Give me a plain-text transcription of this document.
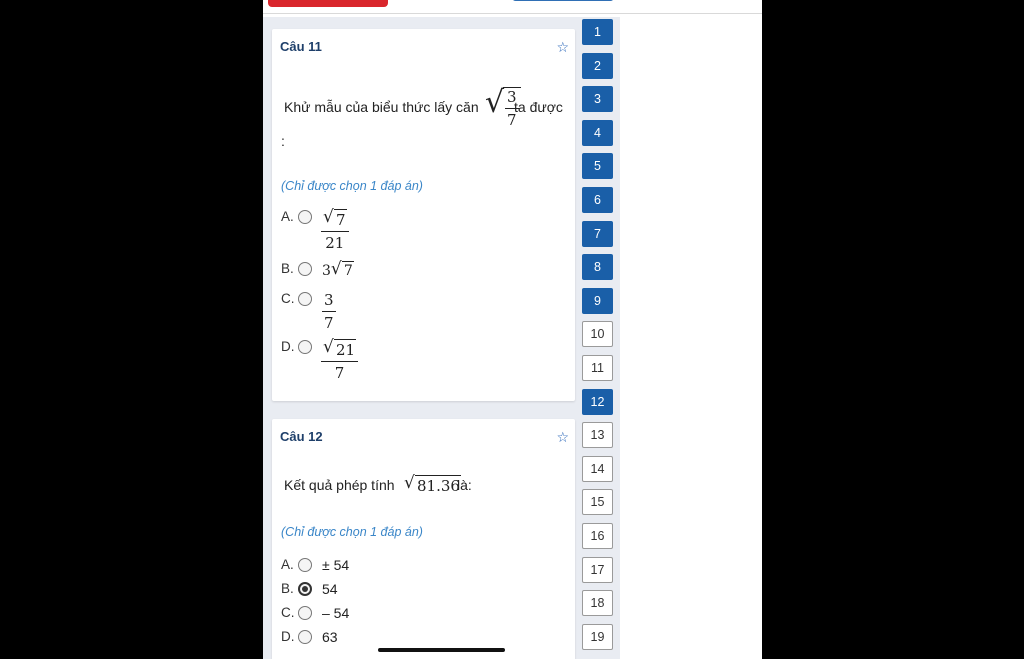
Câu 11	☆
Khử mẫu của biểu thức lấy căn √
$\frac{3}{7}$
ta được
:
(Chỉ được chọn 1 đáp án)
A. √ 7
21
B. 3 √ 7
C. 3
7
D. √ 21
7
Câu 12	☆
Kết quả phép tính √ 81.36
là:
(Chỉ được chọn 1 đáp án)
A. ± 54
B. 54
C. – 54
D. 63
1
2
3
4
5
6
7
8
9
10
11
12
13
14
15
16
17
18
19
